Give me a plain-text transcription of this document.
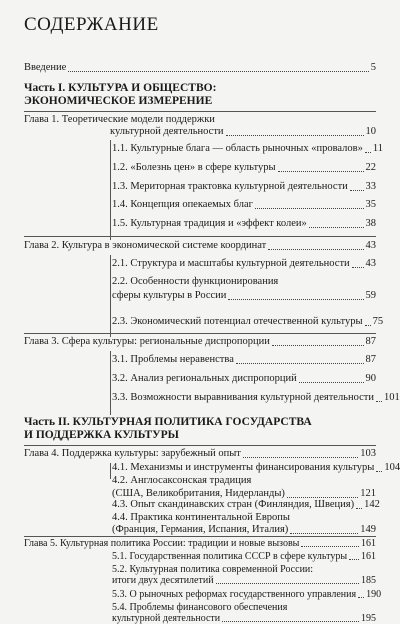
СОДЕРЖАНИЕ
Введение	5
Часть I. КУЛЬТУРА И ОБЩЕСТВО:
ЭКОНОМИЧЕСКОЕ ИЗМЕРЕНИЕ
Глава 1. Теоретические модели поддержки
культурной деятельности	10
1.1. Культурные блага — область рыночных «провалов» 11
1.2. «Болезнь цен» в сфере культуры	22
1.3. Мериторная трактовка культурной деятельности 33
1.4. Концепция опекаемых благ	35
1.5. Культурная традиция и «эффект колеи»	38
Глава 2. Культура в экономической системе координат	43
2.1. Структура и масштабы культурной деятельности 43
2.2. Особенности функционирования
сферы культуры в России	59
2.3. Экономический потенциал отечественной культуры 75
Глава 3. Сфера культуры: региональные диспропорции	87
3.1. Проблемы неравенства	87
3.2. Анализ региональных диспропорций	90
3.3. Возможности выравнивания культурной деятельности 101
Часть II. КУЛЬТУРНАЯ ПОЛИТИКА ГОСУДАРСТВА
И ПОДДЕРЖКА КУЛЬТУРЫ
Глава 4. Поддержка культуры: зарубежный опыт	103
4.1. Механизмы и инструменты финансирования культуры 104
4.2. Англосаксонская традиция
(США, Великобритания, Нидерланды)	121
4.3. Опыт скандинавских стран (Финляндия, Швеция) 142
4.4. Практика континентальной Европы
(Франция, Германия, Испания, Италия)	149
Глава 5. Культурная политика России: традиции и новые вызовы	161
5.1. Государственная политика СССР в сфере культуры 161
5.2. Культурная политика современной России:
итоги двух десятилетий	185
5.3. О рыночных реформах государственного управления 190
5.4. Проблемы финансового обеспечения
культурной деятельности	195
